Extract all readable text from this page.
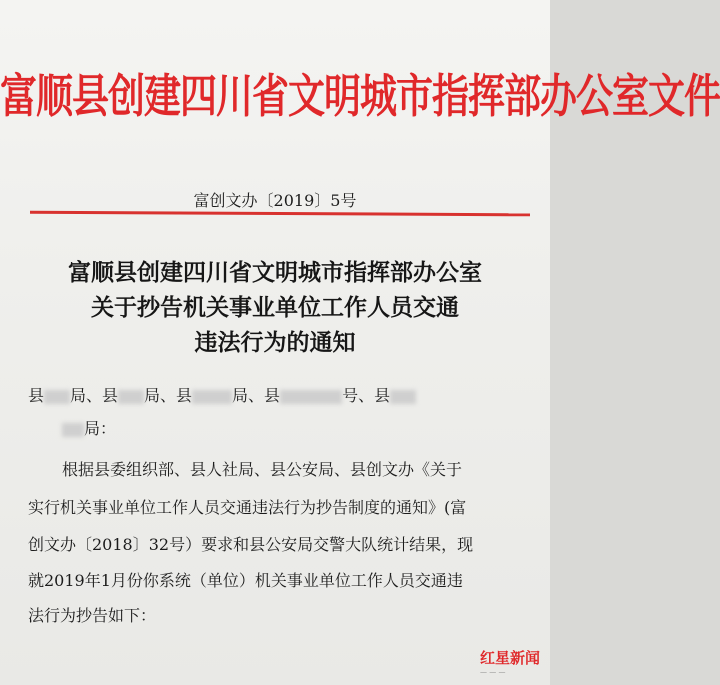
富顺县创建四川省文明城市指挥部办公室文件
富创文办〔2019〕5号
富顺县创建四川省文明城市指挥部办公室
关于抄告机关事业单位工作人员交通
违法行为的通知
县 局、县 局、县	局、县	号、县
局：
根据县委组织部、县人社局、县公安局、县创文办《关于
实行机关事业单位工作人员交通违法行为抄告制度的通知》(富
创文办〔2018〕32号）要求和县公安局交警大队统计结果，现
就2019年1月份你系统（单位）机关事业单位工作人员交通违
法行为抄告如下：
红星新闻
— — —
